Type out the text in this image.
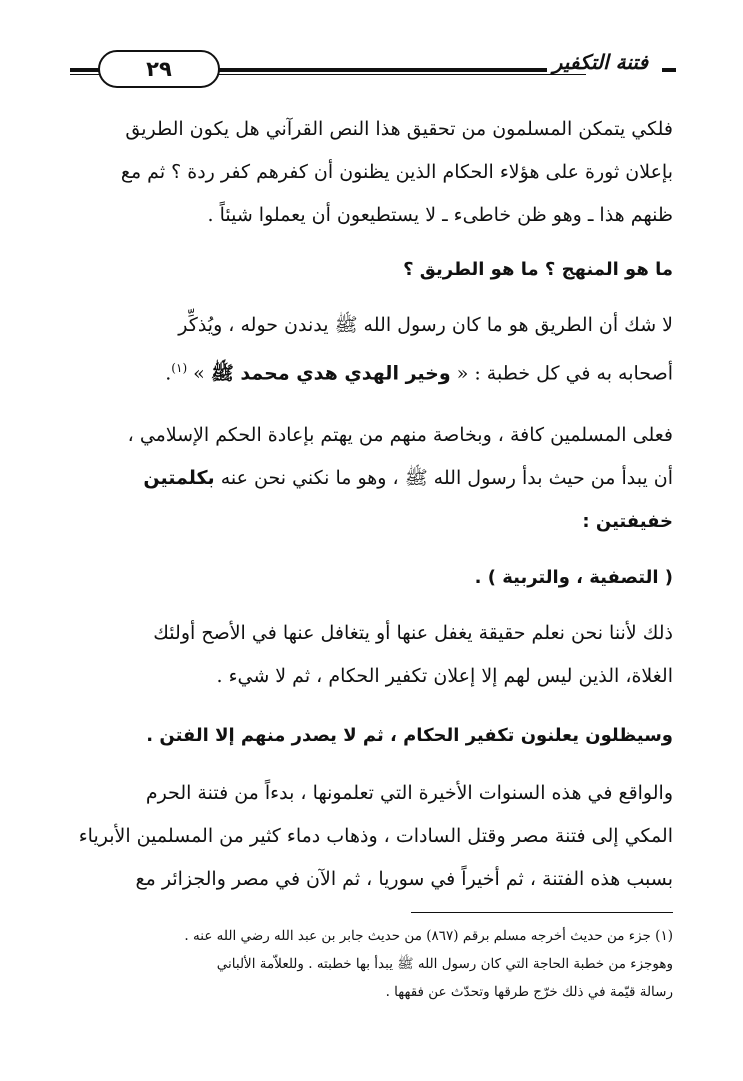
٢٩	فتنة التكفير

فلكي يتمكن المسلمون من تحقيق هذا النص القرآني هل يكون الطريق

بإعلان ثورة على هؤلاء الحكام الذين يظنون أن كفرهم كفر ردة ؟ ثم مع

ظنهم هذا ـ وهو ظن خاطىء ـ لا يستطيعون أن يعملوا شيئاً .

ما هو المنهج ؟ ما هو الطريق ؟

لا شك أن الطريق هو ما كان رسول الله ﷺ يدندن حوله ، ويُذكِّر

أصحابه به في كل خطبة : « وخير الهدي هدي محمد ﷺ » $^{(١)}$.

فعلى المسلمين كافة ، وبخاصة منهم من يهتم بإعادة الحكم الإسلامي ،

أن يبدأ من حيث بدأ رسول الله ﷺ ، وهو ما نكني نحن عنه بكلمتين

خفيفتين :

( التصفية ، والتربية ) .

ذلك لأننا نحن نعلم حقيقة يغفل عنها أو يتغافل عنها في الأصح أولئك

الغلاة، الذين ليس لهم إلا إعلان تكفير الحكام ، ثم لا شيء .

وسيظلون يعلنون تكفير الحكام ، ثم لا يصدر منهم إلا الفتن .

والواقع في هذه السنوات الأخيرة التي تعلمونها ، بدءاً من فتنة الحرم

المكي إلى فتنة مصر وقتل السادات ، وذهاب دماء كثير من المسلمين الأبرياء

بسبب هذه الفتنة ، ثم أخيراً في سوريا ، ثم الآن في مصر والجزائر مع

(١) جزء من حديث أخرجه مسلم برقم (٨٦٧) من حديث جابر بن عبد الله رضي الله عنه .

وهوجزء من خطبة الحاجة التي كان رسول الله ﷺ يبدأ بها خطبته . وللعلاّمة الألباني

رسالة قيّمة في ذلك خرّج طرقها وتحدّث عن فقهها .
